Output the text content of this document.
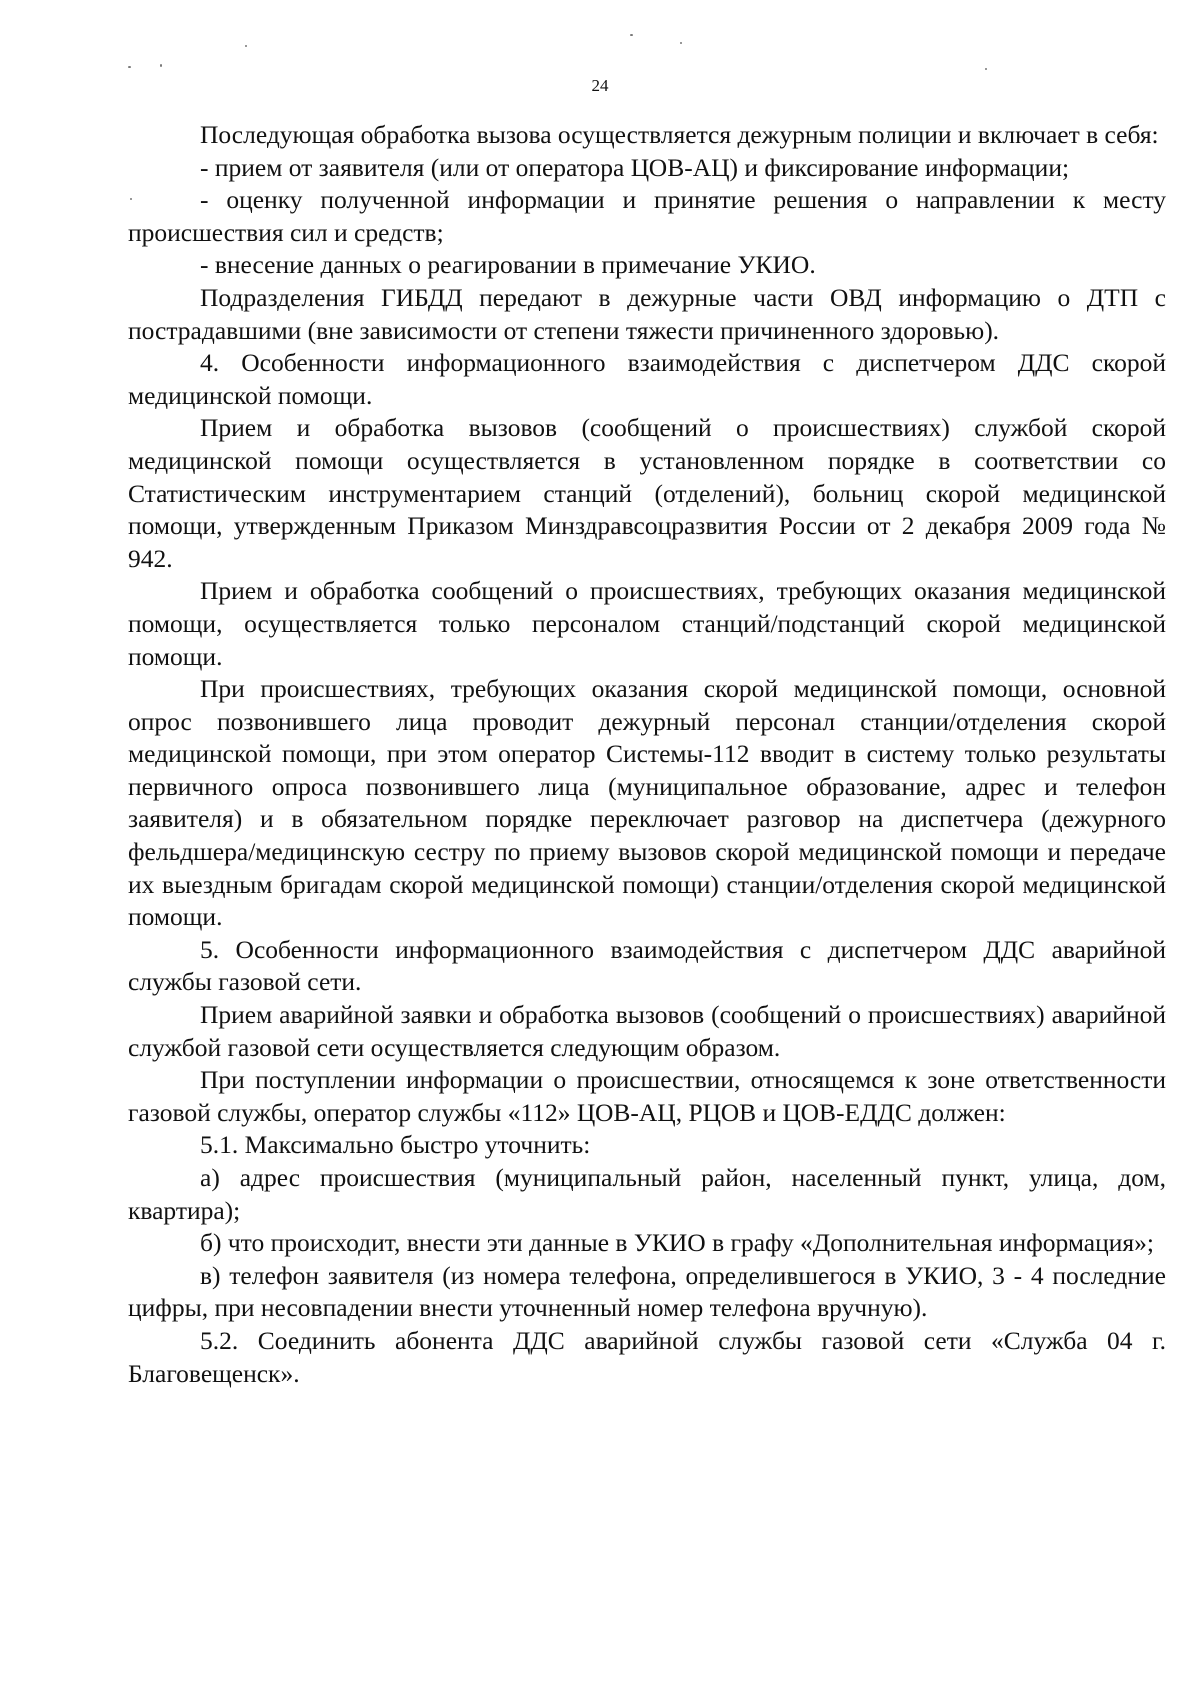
24

Последующая обработка вызова осуществляется дежурным полиции и включает в себя:

- прием от заявителя (или от оператора ЦОВ-АЦ) и фиксирование информации;

- оценку полученной информации и принятие решения о направлении к месту происшествия сил и средств;

- внесение данных о реагировании в примечание УКИО.

Подразделения ГИБДД передают в дежурные части ОВД информацию о ДТП с пострадавшими (вне зависимости от степени тяжести причиненного здоровью).

4. Особенности информационного взаимодействия с диспетчером ДДС скорой медицинской помощи.

Прием и обработка вызовов (сообщений о происшествиях) службой скорой медицинской помощи осуществляется в установленном порядке в соответствии со Статистическим инструментарием станций (отделений), больниц скорой медицинской помощи, утвержденным Приказом Минздравсоцразвития России от 2 декабря 2009 года № 942.

Прием и обработка сообщений о происшествиях, требующих оказания медицинской помощи, осуществляется только персоналом станций/подстанций скорой медицинской помощи.

При происшествиях, требующих оказания скорой медицинской помощи, основной опрос позвонившего лица проводит дежурный персонал станции/отделения скорой медицинской помощи, при этом оператор Системы-112 вводит в систему только результаты первичного опроса позвонившего лица (муниципальное образование, адрес и телефон заявителя) и в обязательном порядке переключает разговор на диспетчера (дежурного фельдшера/медицинскую сестру по приему вызовов скорой медицинской помощи и передаче их выездным бригадам скорой медицинской помощи) станции/отделения скорой медицинской помощи.

5. Особенности информационного взаимодействия с диспетчером ДДС аварийной службы газовой сети.

Прием аварийной заявки и обработка вызовов (сообщений о происшествиях) аварийной службой газовой сети осуществляется следующим образом.

При поступлении информации о происшествии, относящемся к зоне ответственности газовой службы, оператор службы «112» ЦОВ-АЦ, РЦОВ и ЦОВ-ЕДДС должен:

5.1. Максимально быстро уточнить:

а) адрес происшествия (муниципальный район, населенный пункт, улица, дом, квартира);

б) что происходит, внести эти данные в УКИО в графу «Дополнительная информация»;

в) телефон заявителя (из номера телефона, определившегося в УКИО, 3 - 4 последние цифры, при несовпадении внести уточненный номер телефона вручную).

5.2. Соединить абонента ДДС аварийной службы газовой сети «Служба 04 г. Благовещенск».
